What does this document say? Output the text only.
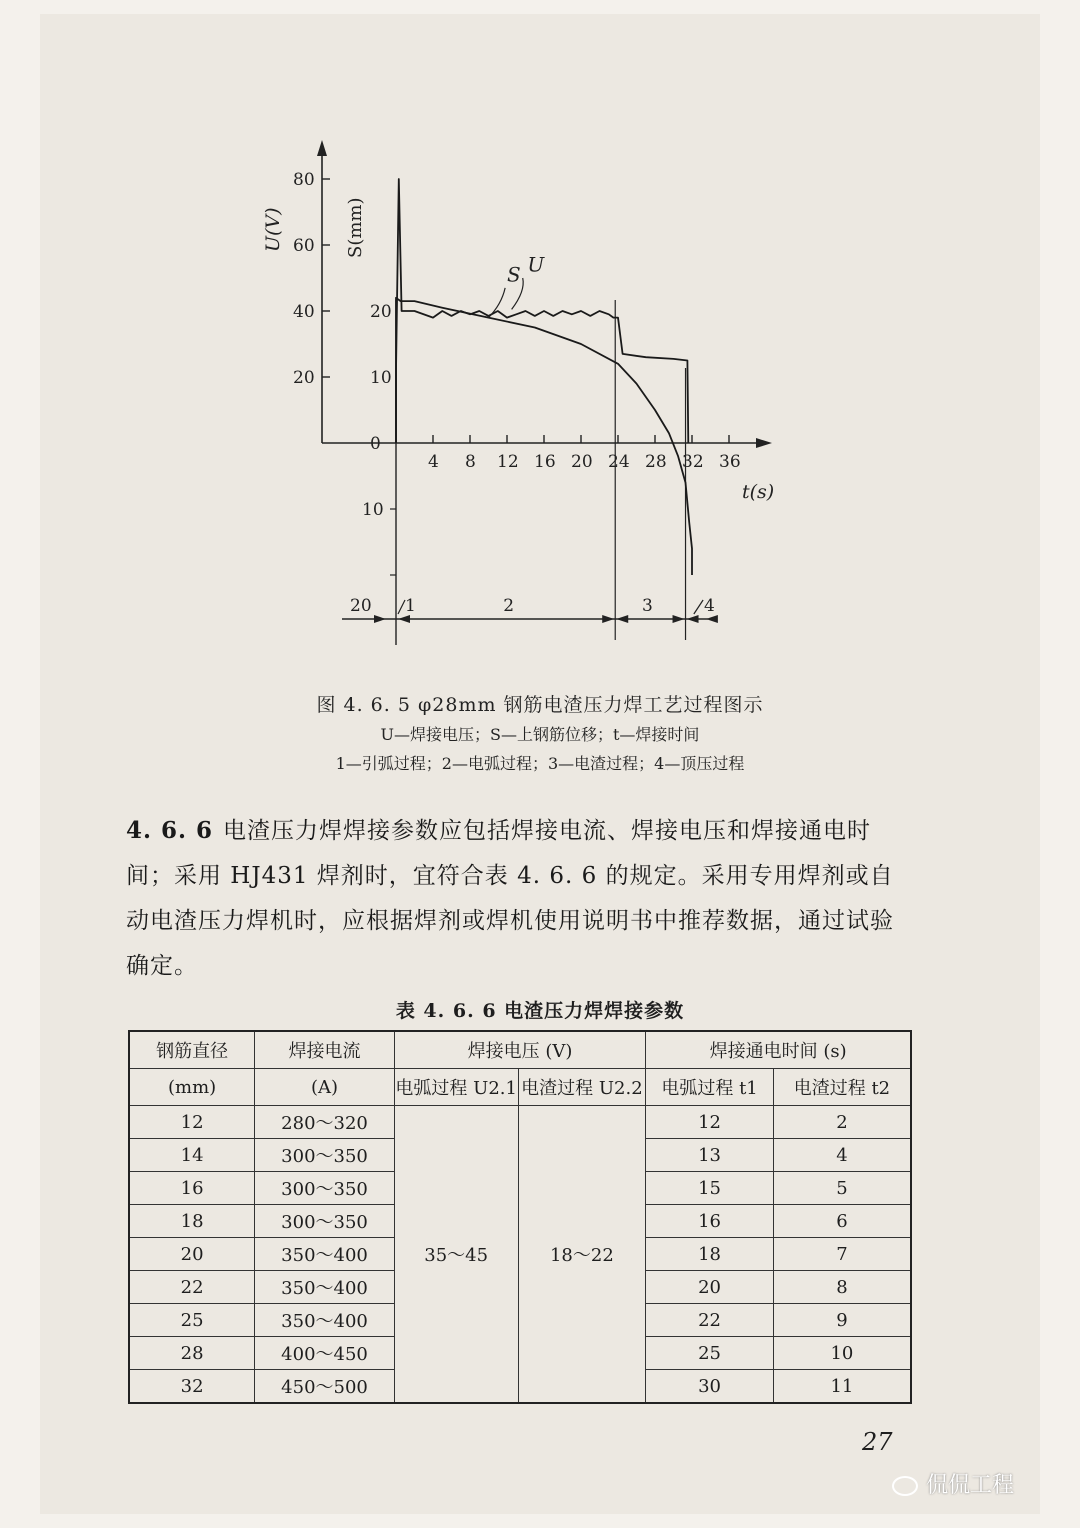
U(V)	S(mm)
t(s)
20
40
60
80
0
10
20
10
4 8 12 16 20 24 28 32 36
U
S
20 1	2	3	4
图 4. 6. 5 φ28mm 钢筋电渣压力焊工艺过程图示
U—焊接电压；S—上钢筋位移；t—焊接时间
1—引弧过程；2—电弧过程；3—电渣过程；4—顶压过程
4. 6. 6 电渣压力焊焊接参数应包括焊接电流、焊接电压和焊接通电时间；采用 HJ431 焊剂时，宜符合表 4. 6. 6 的规定。采用专用焊剂或自动电渣压力焊机时，应根据焊剂或焊机使用说明书中推荐数据，通过试验确定。
表 4. 6. 6 电渣压力焊焊接参数
钢筋直径	焊接电流	焊接电压 (V)		焊接通电时间 (s)	
(mm)	(A)	电弧过程 U2.1	电渣过程 U2.2	电弧过程 t1	电渣过程 t2
12	280～320	35～45	18～22	12	2
14	300～350			13	4
16	300～350			15	5
18	300～350			16	6
20	350～400			18	7
22	350～400			20	8
25	350～400			22	9
28	400～450			25	10
32	450～500			30	11
27
侃侃工程
